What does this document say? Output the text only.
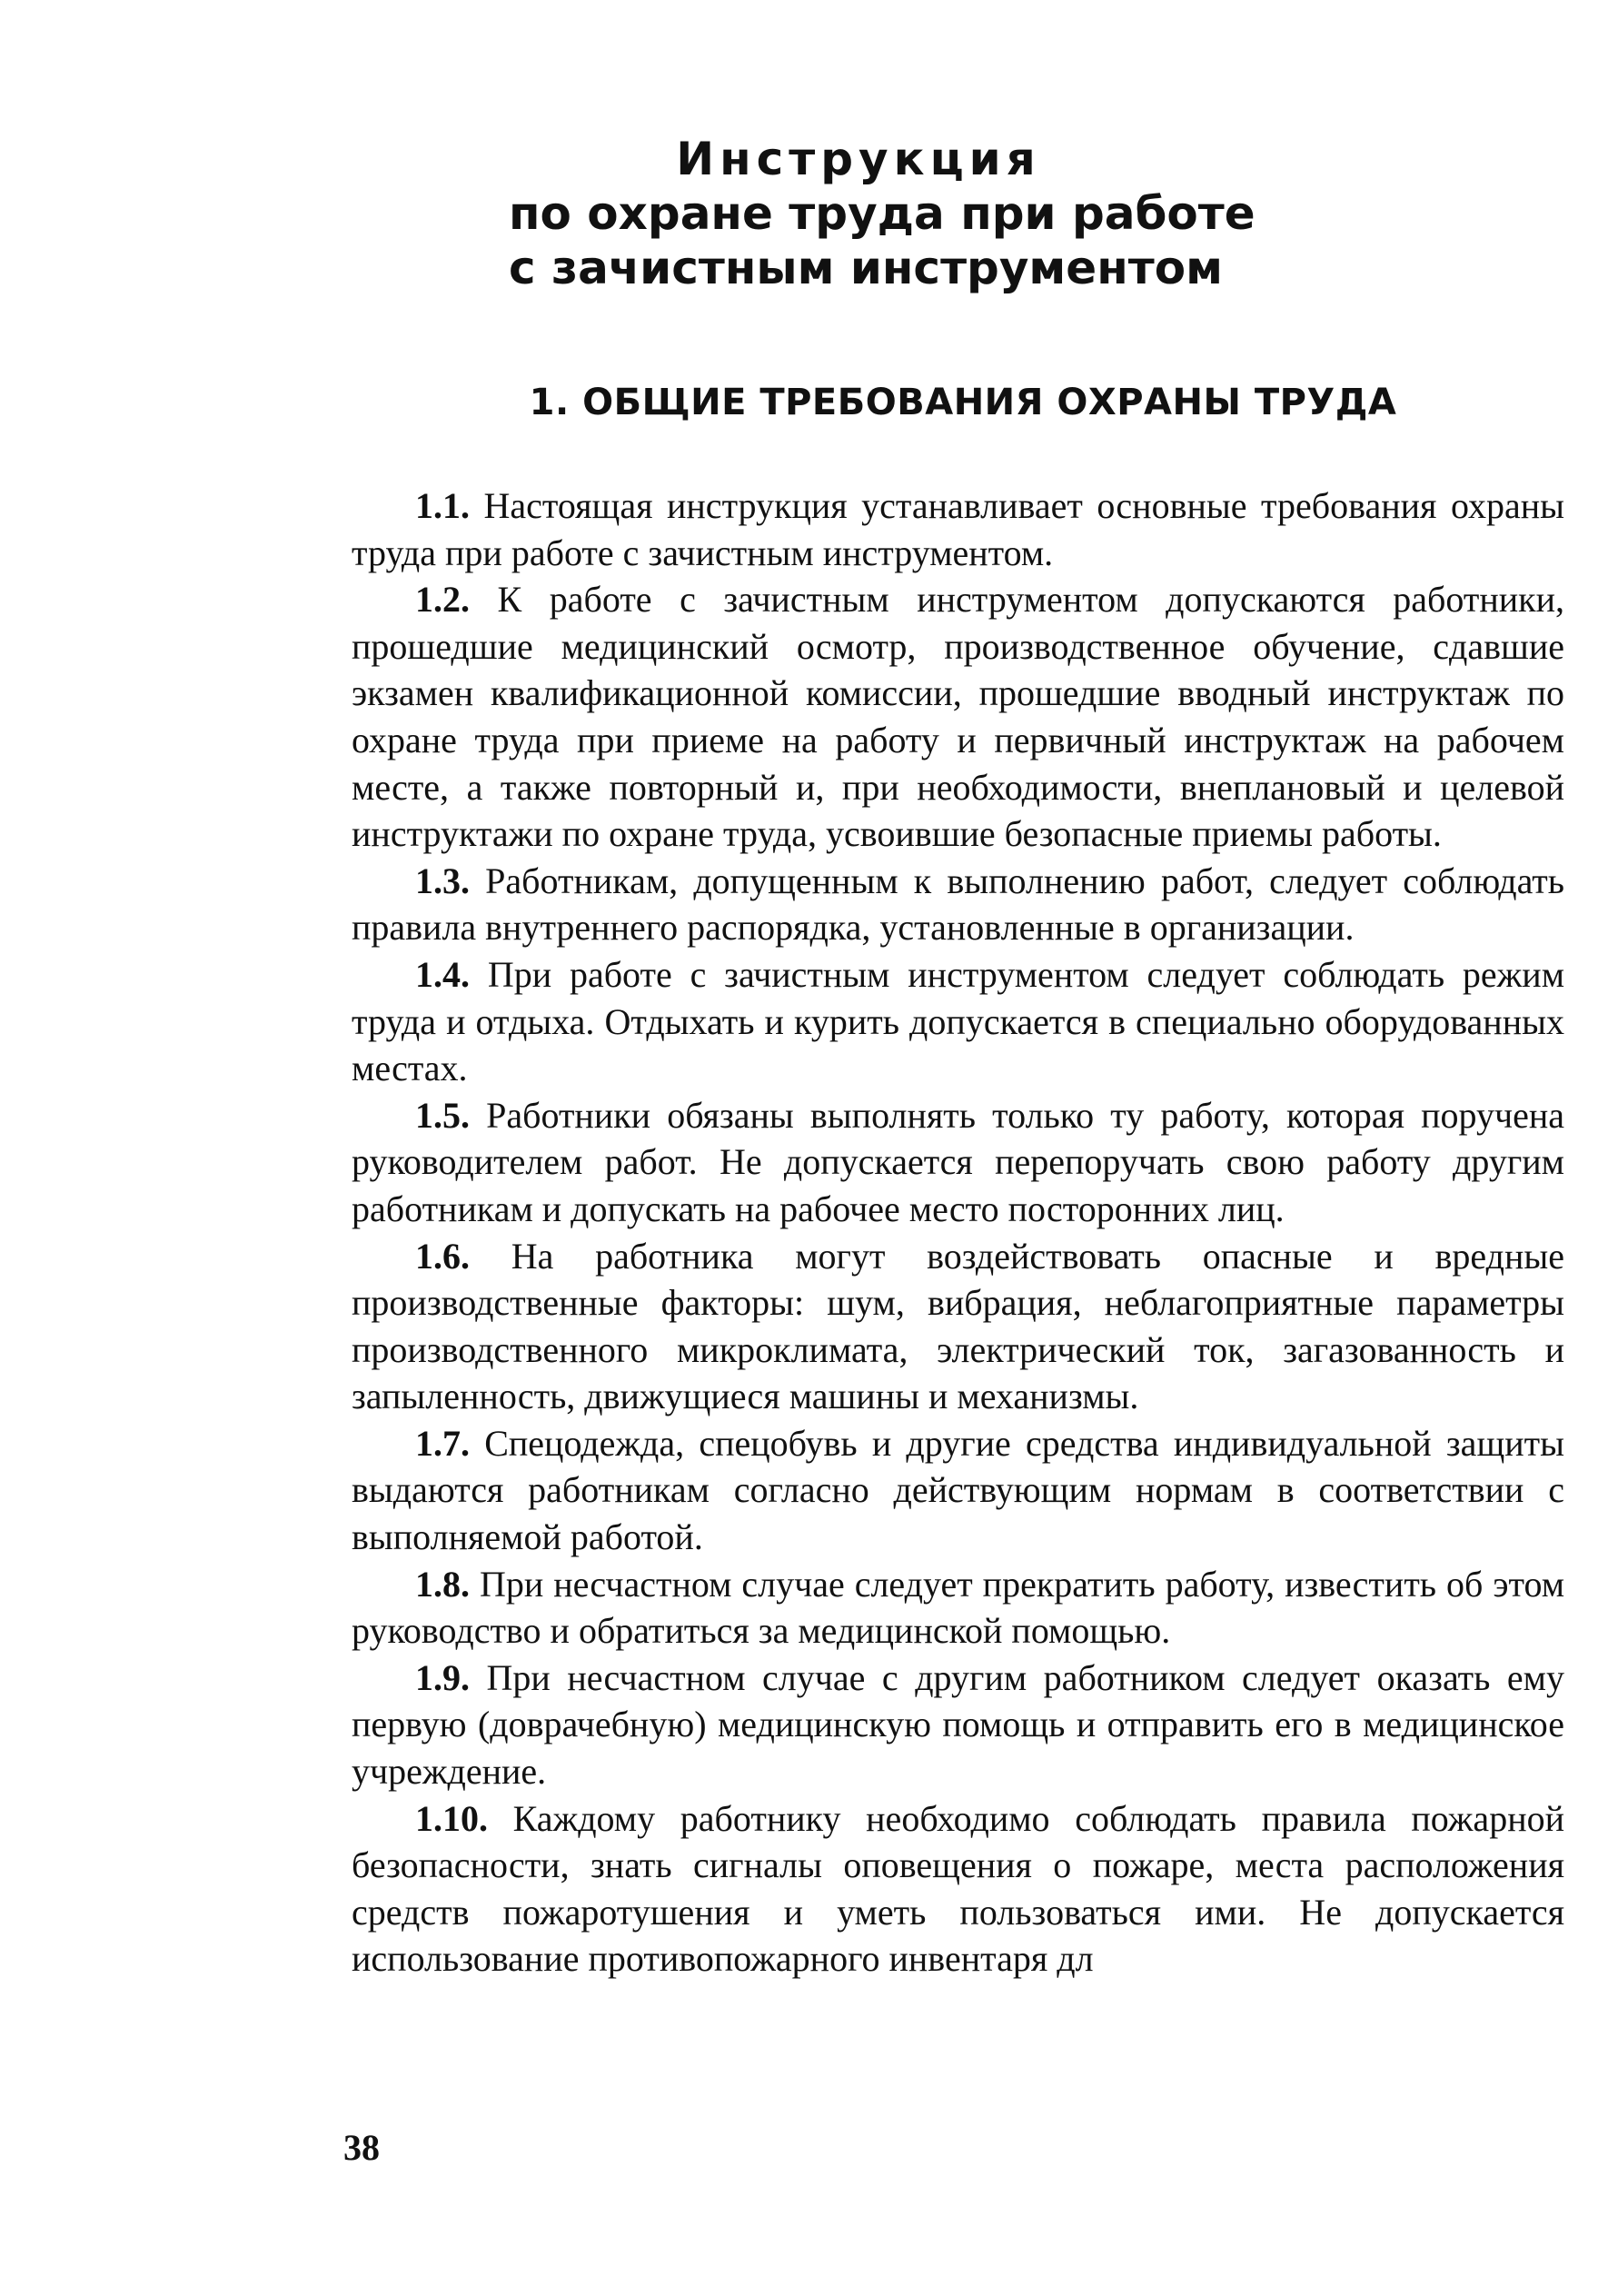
Инструкция
по охране труда при работе
с зачистным инструментом
1. ОБЩИЕ ТРЕБОВАНИЯ ОХРАНЫ ТРУДА

1.1. Настоящая инструкция устанавливает основные требования охраны труда при работе с зачистным инструментом.

1.2. К работе с зачистным инструментом допускаются работники, прошедшие медицинский осмотр, производственное обучение, сдавшие экзамен квалификационной комиссии, прошедшие вводный инструктаж по охране труда при приеме на работу и первичный инструктаж на рабочем месте, а также повторный и, при необходимости, внеплановый и целевой инструктажи по охране труда, усвоившие безопасные приемы работы.

1.3. Работникам, допущенным к выполнению работ, следует соблюдать правила внутреннего распорядка, установленные в организации.

1.4. При работе с зачистным инструментом следует соблюдать режим труда и отдыха. Отдыхать и курить допускается в специально оборудованных местах.

1.5. Работники обязаны выполнять только ту работу, которая поручена руководителем работ. Не допускается перепоручать свою работу другим работникам и допускать на рабочее место посторонних лиц.

1.6. На работника могут воздействовать опасные и вредные производственные факторы: шум, вибрация, неблагоприятные параметры производственного микроклимата, электрический ток, загазованность и запыленность, движущиеся машины и механизмы.

1.7. Спецодежда, спецобувь и другие средства индивидуальной защиты выдаются работникам согласно действующим нормам в соответствии с выполняемой работой.

1.8. При несчастном случае следует прекратить работу, известить об этом руководство и обратиться за медицинской помощью.

1.9. При несчастном случае с другим работником следует оказать ему первую (доврачебную) медицинскую помощь и отправить его в медицинское учреждение.

1.10. Каждому работнику необходимо соблюдать правила пожарной безопасности, знать сигналы оповещения о пожаре, места расположения средств пожаротушения и уметь пользоваться ими. Не допускается использование противопожарного инвентаря дл

38
